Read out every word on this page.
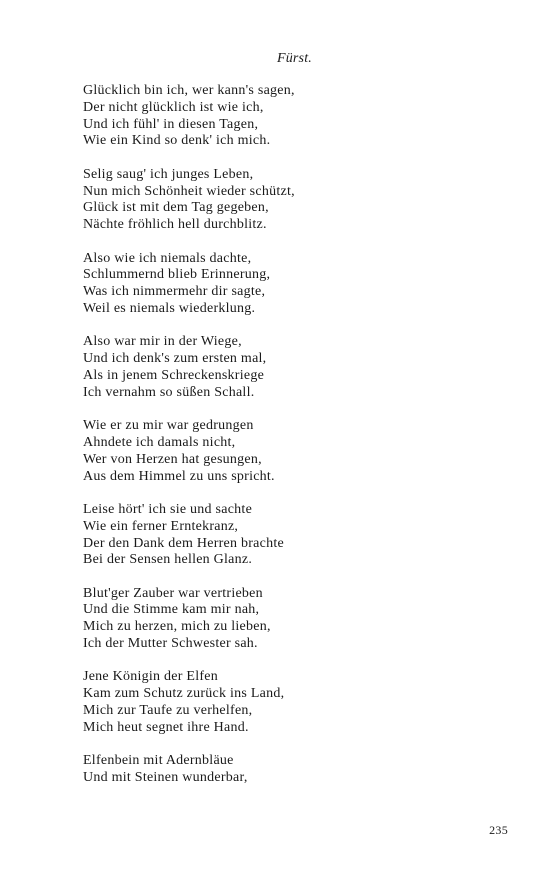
Fürst.
Glücklich bin ich, wer kann's sagen,
Der nicht glücklich ist wie ich,
Und ich fühl' in diesen Tagen,
Wie ein Kind so denk' ich mich.
Selig saug' ich junges Leben,
Nun mich Schönheit wieder schützt,
Glück ist mit dem Tag gegeben,
Nächte fröhlich hell durchblitz.
Also wie ich niemals dachte,
Schlummernd blieb Erinnerung,
Was ich nimmermehr dir sagte,
Weil es niemals wiederklung.
Also war mir in der Wiege,
Und ich denk's zum ersten mal,
Als in jenem Schreckenskriege
Ich vernahm so süßen Schall.
Wie er zu mir war gedrungen
Ahndete ich damals nicht,
Wer von Herzen hat gesungen,
Aus dem Himmel zu uns spricht.
Leise hört' ich sie und sachte
Wie ein ferner Erntekranz,
Der den Dank dem Herren brachte
Bei der Sensen hellen Glanz.
Blut'ger Zauber war vertrieben
Und die Stimme kam mir nah,
Mich zu herzen, mich zu lieben,
Ich der Mutter Schwester sah.
Jene Königin der Elfen
Kam zum Schutz zurück ins Land,
Mich zur Taufe zu verhelfen,
Mich heut segnet ihre Hand.
Elfenbein mit Adernbläue
Und mit Steinen wunderbar,
235
